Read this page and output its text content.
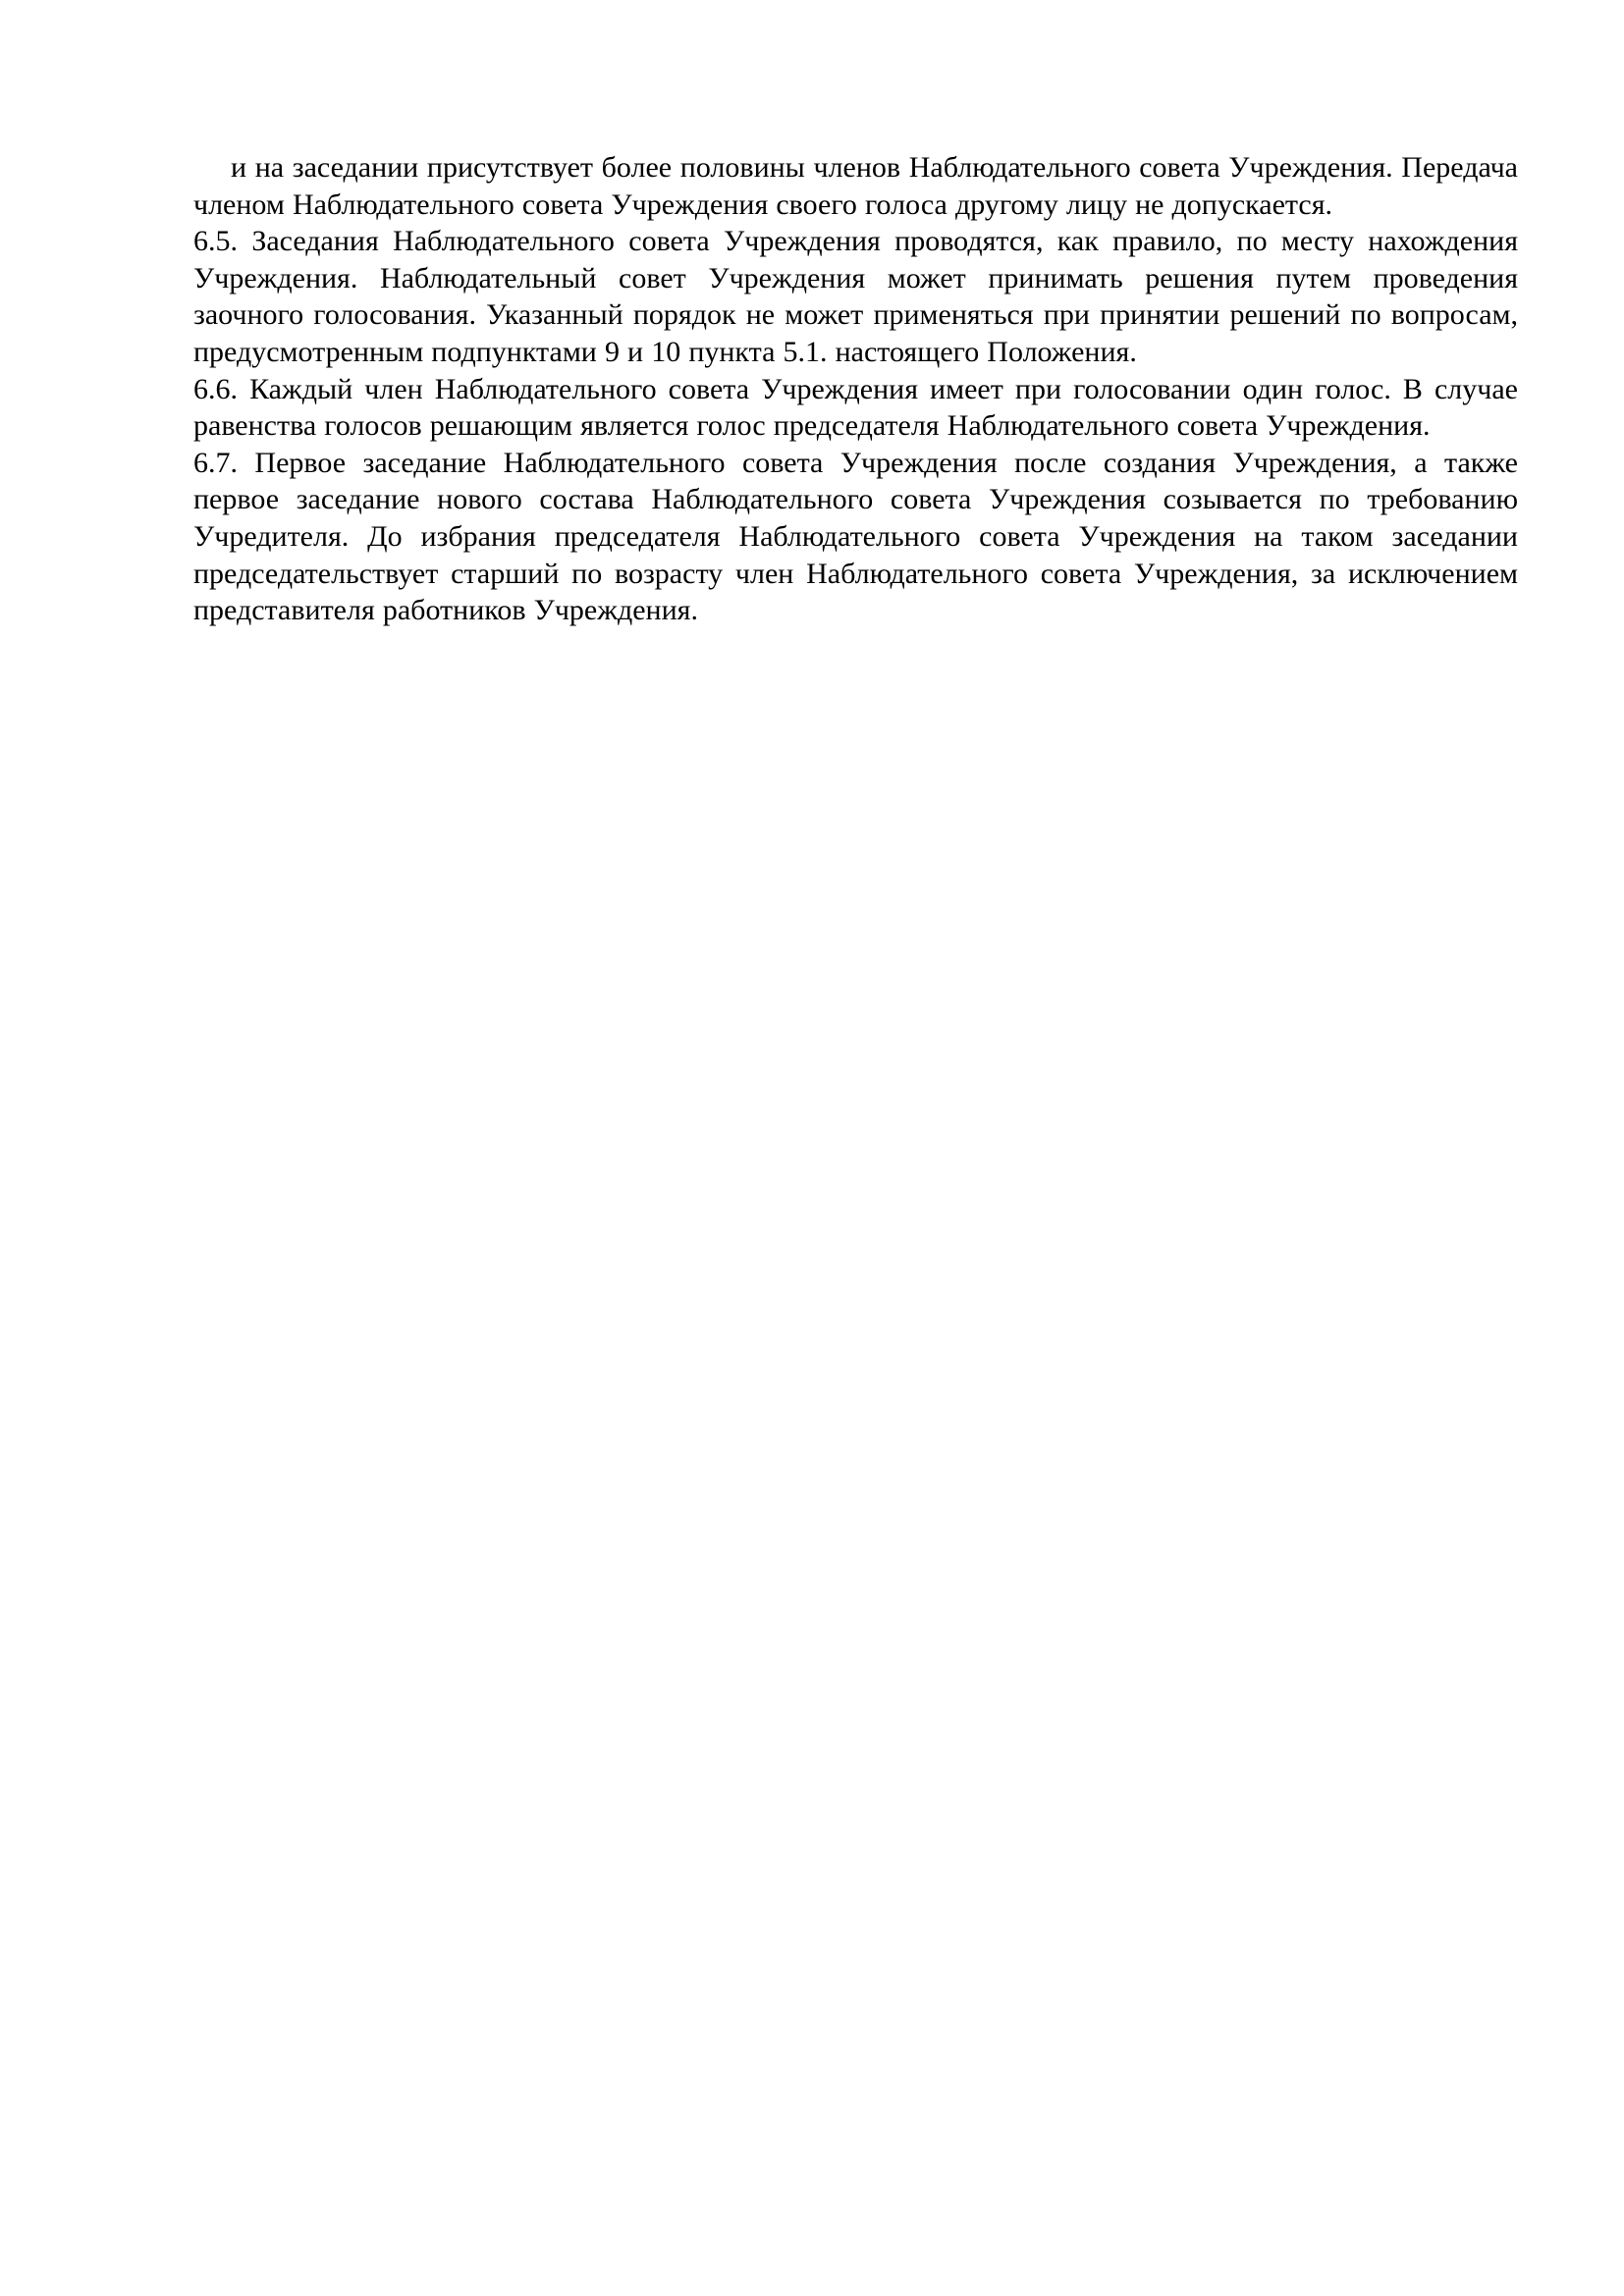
и на заседании присутствует более половины членов Наблюдательного совета Учреждения. Передача членом Наблюдательного совета Учреждения своего голоса другому лицу не допускается.

6.5. Заседания Наблюдательного совета Учреждения проводятся, как правило, по месту нахождения Учреждения. Наблюдательный совет Учреждения может принимать решения путем проведения заочного голосования. Указанный порядок не может применяться при принятии решений по вопросам, предусмотренным подпунктами 9 и 10 пункта 5.1. настоящего Положения.

6.6. Каждый член Наблюдательного совета Учреждения имеет при голосовании один голос. В случае равенства голосов решающим является голос председателя Наблюдательного совета Учреждения.

6.7. Первое заседание Наблюдательного совета Учреждения после создания Учреждения, а также первое заседание нового состава Наблюдательного совета Учреждения созывается по требованию Учредителя. До избрания председателя Наблюдательного совета Учреждения на таком заседании председательствует старший по возрасту член Наблюдательного совета Учреждения, за исключением представителя работников Учреждения.
